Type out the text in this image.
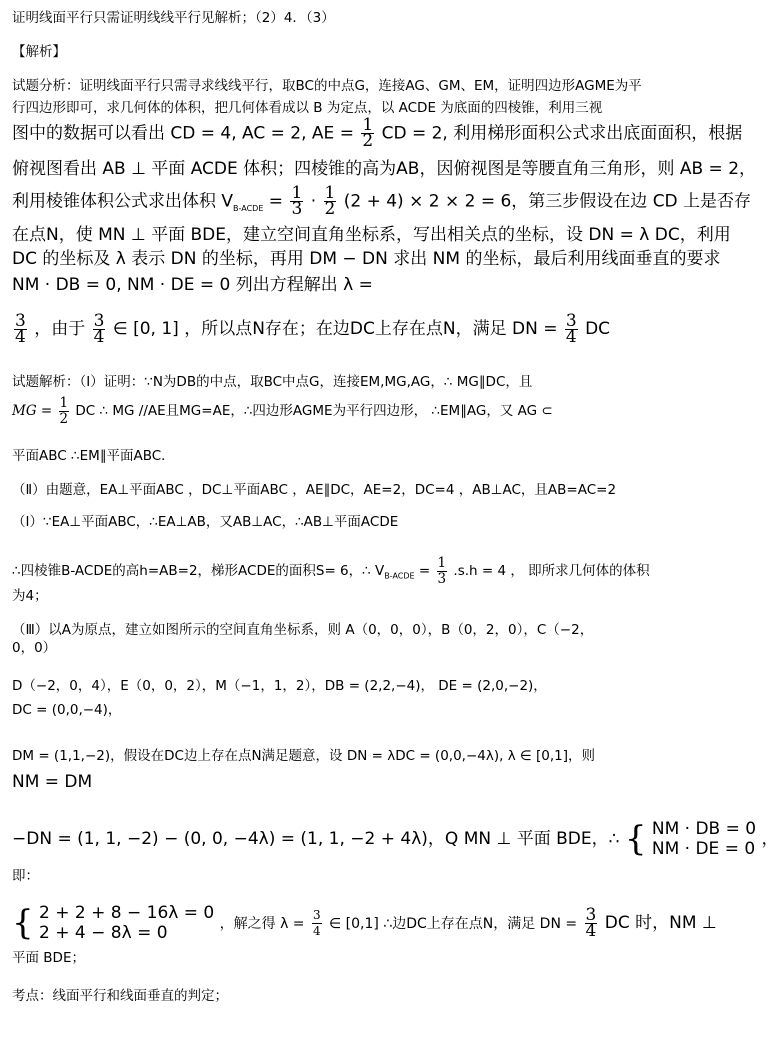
证明线面平行只需证明线线平行见解析；（2）4．（3）
【解析】
试题分析：证明线面平行只需寻求线线平行，取BC的中点G，连接AG、GM、EM，证明四边形AGME为平
行四边形即可，求几何体的体积，把几何体看成以 B 为定点，以 ACDE 为底面的四棱锥，利用三视
图中的数据可以看出 CD = 4, AC = 2, AE = $\frac{1}{2}$ CD = 2, 利用梯形面积公式求出底面面积，根据
俯视图看出 AB ⊥ 平面 ACDE 体积；四棱锥的高为AB，因俯视图是等腰直角三角形，则 AB = 2，
利用棱锥体积公式求出体积 $V_{B-ACDE} = \frac{1}{3} \cdot \frac{1}{2} (2 + 4) \times 2 \times 2 = 6$，第三步假设在边 CD 上是否存
在点N，使 MN ⊥ 平面 BDE，建立空间直角坐标系，写出相关点的坐标，设 DN = λ DC，利用
DC 的坐标及 λ 表示 DN 的坐标，再用 DM − DN 求出 NM 的坐标，最后利用线面垂直的要求
NM · DB = 0, NM · DE = 0 列出方程解出 λ =
$\frac{3}{4}$ ，由于 $\frac{3}{4}$ ∈ [0, 1] ，所以点N存在；在边DC上存在点N，满足 DN = $\frac{3}{4}$ DC
试题解析：（Ⅰ）证明：∵N为DB的中点，取BC中点G，连接EM,MG,AG，∴ MG∥DC，且
MG = $\frac{1}{2}$ DC ∴ MG //AE且MG=AE，∴四边形AGME为平行四边形， ∴EM∥AG，又 AG ⊂
平面ABC ∴EM∥平面ABC．
（Ⅱ）由题意，EA⊥平面ABC ，DC⊥平面ABC ，AE∥DC，AE=2，DC=4 ，AB⊥AC，且AB=AC=2
（Ⅰ）∵EA⊥平面ABC，∴EA⊥AB，又AB⊥AC，∴AB⊥平面ACDE
∴四棱锥B-ACDE的高h=AB=2，梯形ACDE的面积S= 6，∴ $V_{B-ACDE} = \frac{1}{3} .s.h = 4$ ， 即所求几何体的体积
为4；
（Ⅲ）以A为原点，建立如图所示的空间直角坐标系，则 A（0，0，0），B（0，2，0），C（−2，
0，0）
D（−2，0，4），E（0，0，2），M（−1，1，2），DB = (2,2,−4)， DE = (2,0,−2)，
DC = (0,0,−4)，
DM = (1,1,−2)，假设在DC边上存在点N满足题意，设 DN = λDC = (0,0,−4λ), λ ∈ [0,1]，则
NM = DM
−DN = (1, 1, −2) − (0, 0, −4λ) = (1, 1, −2 + 4λ)，Q MN ⊥ 平面 BDE，∴ { NM · DB = 0
NM · DE = 0 ，
即：
{ 2 + 2 + 8 − 16λ = 0
2 + 4 − 8λ = 0	，解之得 $\lambda = \frac{3}{4}$ ∈ [0,1] ∴边DC上存在点N，满足 DN = $\frac{3}{4}$ DC 时，NM ⊥
平面 BDE；
考点：线面平行和线面垂直的判定；
